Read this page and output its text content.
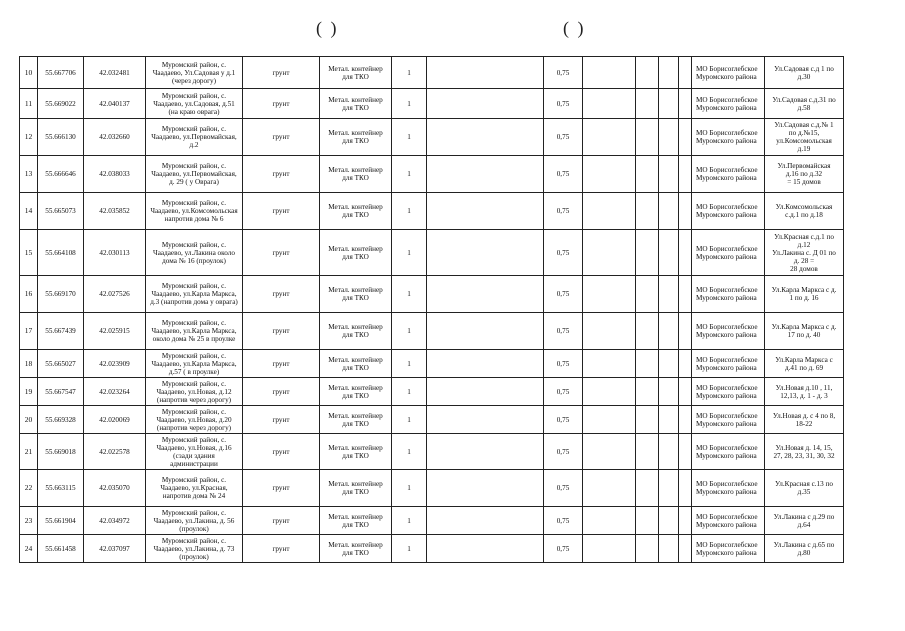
( )	( )
10	55.667706	42.032481	Муромский район, с.
Чаадаево, Ул.Садовая у д.1
(через дорогу)	грунт	Метал. контейнер
для ТКО	1		0,75					МО Борисоглебское
Муромского района	Ул.Садовая с.д 1 по
д.30
11	55.669022	42.040137	Муромский район, с.
Чаадаево, ул.Садовая, д.51
(на краю оврага)	грунт	Метал. контейнер
для ТКО	1		0,75					МО Борисоглебское
Муромского района	Ул.Садовая с.д.31 по
д.58
12	55.666130	42.032660	Муромский район, с.
Чаадаево, ул.Первомайская,
д.2	грунт	Метал. контейнер
для ТКО	1		0,75					МО Борисоглебское
Муромского района	Ул.Садовая с.д.№ 1
по д.№15,
ул.Комсомольская
д.19
13	55.666646	42.038033	Муромский район, с.
Чаадаево, ул.Первомайская,
д. 29 ( у Оврага)	грунт	Метал. контейнер
для ТКО	1		0,75					МО Борисоглебское
Муромского района	Ул.Первомайская
д.16 по д.32
= 15 домов
14	55.665073	42.035852	Муромский район, с.
Чаадаево, ул.Комсомольская
напротив дома № 6	грунт	Метал. контейнер
для ТКО	1		0,75					МО Борисоглебское
Муромского района	Ул.Комсомольская
с.д.1 по д.18
15	55.664108	42.030113	Муромский район, с.
Чаадаево, ул.Лакина около
дома № 16 (проулок)	грунт	Метал. контейнер
для ТКО	1		0,75					МО Борисоглебское
Муромского района	Ул.Красная с.д.1 по
д.12
Ул.Лакина с. Д 01 по
д. 28 =
28 домов
16	55.669170	42.027526	Муромский район, с.
Чаадаево, ул.Карла Маркса,
д.3 (напротив дома у оврага)	грунт	Метал. контейнер
для ТКО	1		0,75					МО Борисоглебское
Муромского района	Ул.Карла Маркса с д.
1 по д. 16
17	55.667439	42.025915	Муромский район, с.
Чаадаево, ул.Карла Маркса,
около дома № 25 в проулке	грунт	Метал. контейнер
для ТКО	1		0,75					МО Борисоглебское
Муромского района	Ул.Карла Маркса с д.
17 по д. 40
18	55.665027	42.023909	Муромский район, с.
Чаадаево, ул.Карла Маркса,
д.57 ( в проулке)	грунт	Метал. контейнер
для ТКО	1		0,75					МО Борисоглебское
Муромского района	Ул.Карла Маркса с
д.41 по д. 69
19	55.667547	42.023264	Муромский район, с.
Чаадаево, ул.Новая, д.12
(напротив через дорогу)	грунт	Метал. контейнер
для ТКО	1		0,75					МО Борисоглебское
Муромского района	Ул.Новая д.10 , 11,
12,13, д. 1 - д. 3
20	55.669328	42.020069	Муромский район, с.
Чаадаево, ул.Новая, д.20
(напротив через дорогу)	грунт	Метал. контейнер
для ТКО	1		0,75					МО Борисоглебское
Муромского района	Ул.Новая д. с 4 по 8,
18-22
21	55.669018	42.022578	Муромский район, с.
Чаадаево, ул.Новая, д.16
(сзади здания
администрации	грунт	Метал. контейнер
для ТКО	1		0,75					МО Борисоглебское
Муромского района	Ул.Новая д. 14, 15,
27, 28, 23, 31, 30, 32
22	55.663115	42.035070	Муромский район, с.
Чаадаево, ул.Красная,
напротив дома № 24	грунт	Метал. контейнер
для ТКО	1		0,75					МО Борисоглебское
Муромского района	Ул.Красная с.13 по
д.35
23	55.661904	42.034972	Муромский район, с.
Чаадаево, ул.Лакина, д. 56
(проулок)	грунт	Метал. контейнер
для ТКО	1		0,75					МО Борисоглебское
Муромского района	Ул.Лакина с д.29 по
д.64
24	55.661458	42.037097	Муромский район, с.
Чаадаево, ул.Лакина, д. 73
(проулок)	грунт	Метал. контейнер
для ТКО	1		0,75					МО Борисоглебское
Муромского района	Ул.Лакина с д.65 по
д.80
